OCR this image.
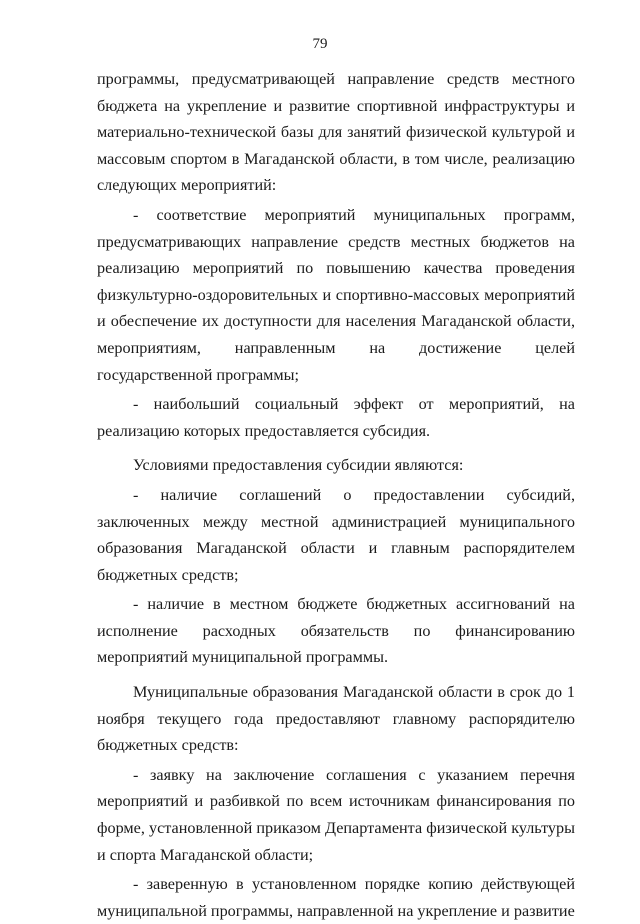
79

программы, предусматривающей направление средств местного бюджета на укрепление и развитие спортивной инфраструктуры и материально-технической базы для занятий физической культурой и массовым спортом в Магаданской области, в том числе, реализацию следующих мероприятий:

- соответствие мероприятий муниципальных программ, предусматривающих направление средств местных бюджетов на реализацию мероприятий по повышению качества проведения физкультурно-оздоровительных и спортивно-массовых мероприятий и обеспечение их доступности для населения Магаданской области, мероприятиям, направленным на достижение целей государственной программы;

- наибольший социальный эффект от мероприятий, на реализацию которых предоставляется субсидия.

Условиями предоставления субсидии являются:

- наличие соглашений о предоставлении субсидий, заключенных между местной администрацией муниципального образования Магаданской области и главным распорядителем бюджетных средств;

- наличие в местном бюджете бюджетных ассигнований на исполнение расходных обязательств по финансированию мероприятий муниципальной программы.

Муниципальные образования Магаданской области в срок до 1 ноября текущего года предоставляют главному распорядителю бюджетных средств:

- заявку на заключение соглашения с указанием перечня мероприятий и разбивкой по всем источникам финансирования по форме, установленной приказом Департамента физической культуры и спорта Магаданской области;

- заверенную в установленном порядке копию действующей муниципальной программы, направленной на укрепление и развитие
